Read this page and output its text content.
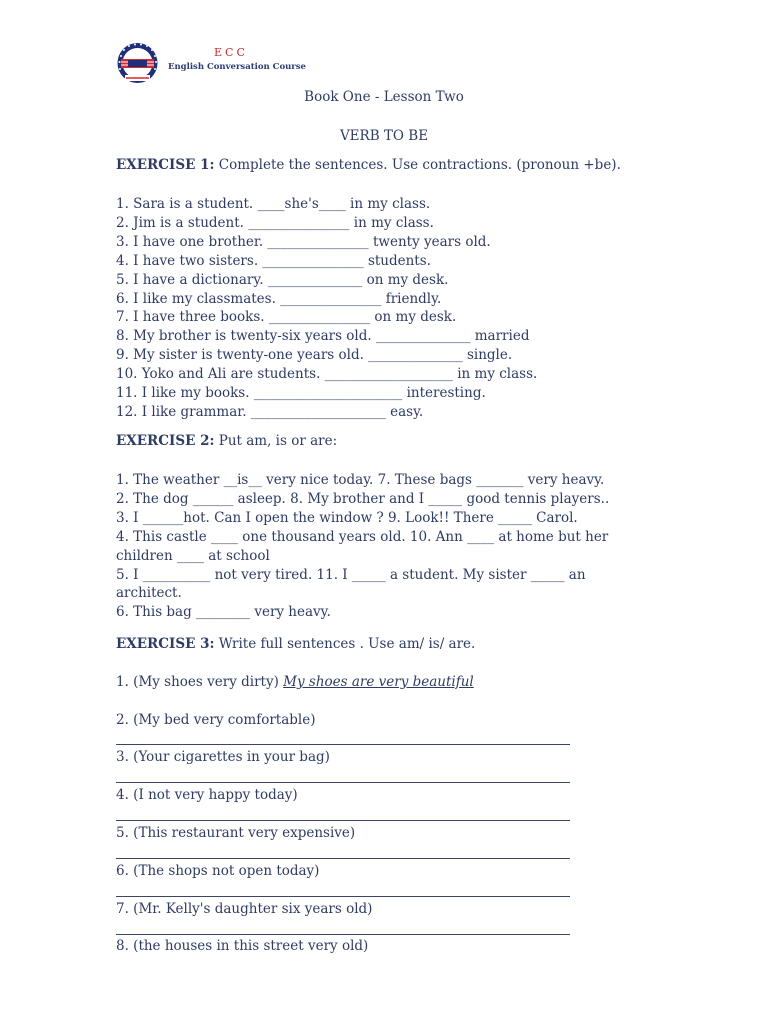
ECC
English Conversation Course
Book One - Lesson Two
VERB TO BE
EXERCISE 1: Complete the sentences. Use contractions. (pronoun +be).
1. Sara is a student. ____she's____ in my class.
2. Jim is a student. _______________ in my class.
3. I have one brother. _______________ twenty years old.
4. I have two sisters. _______________ students.
5. I have a dictionary. ______________ on my desk.
6. I like my classmates. _______________ friendly.
7. I have three books. _______________ on my desk.
8. My brother is twenty-six years old. ______________ married
9. My sister is twenty-one years old. ______________ single.
10. Yoko and Ali are students. ___________________ in my class.
11. I like my books. ______________________ interesting.
12. I like grammar. ____________________ easy.
EXERCISE 2: Put am, is or are:
1. The weather __is__ very nice today. 7. These bags _______ very heavy.
2. The dog ______ asleep. 8. My brother and I _____ good tennis players..
3. I ______hot. Can I open the window ? 9. Look!! There _____ Carol.
4. This castle ____ one thousand years old. 10. Ann ____ at home but her children ____ at school
5. I __________ not very tired. 11. I _____ a student. My sister _____ an architect.
6. This bag ________ very heavy.
EXERCISE 3: Write full sentences . Use am/ is/ are.
1. (My shoes very dirty) My shoes are very beautiful
2. (My bed very comfortable)
3. (Your cigarettes in your bag)
4. (I not very happy today)
5. (This restaurant very expensive)
6. (The shops not open today)
7. (Mr. Kelly's daughter six years old)
8. (the houses in this street very old)
